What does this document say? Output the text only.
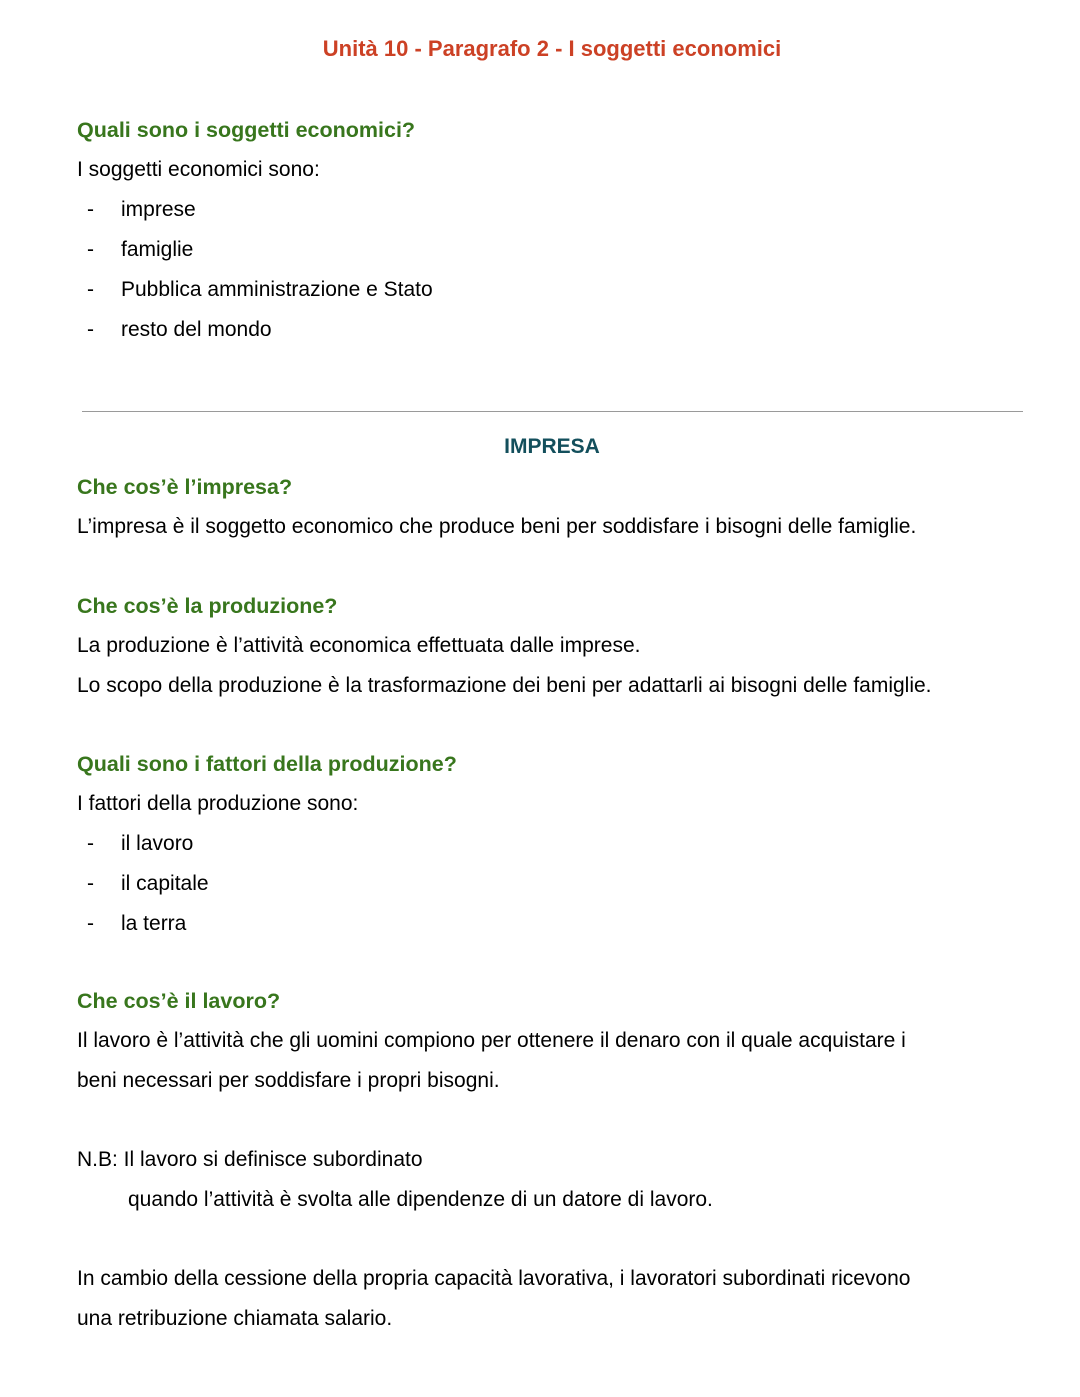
Unità 10 - Paragrafo 2 - I soggetti economici
Quali sono i soggetti economici?

I soggetti economici sono:

- imprese
- famiglie
- Pubblica amministrazione e Stato
- resto del mondo
IMPRESA
Che cos’è l’impresa?

L’impresa è il soggetto economico che produce beni per soddisfare i bisogni delle famiglie.

Che cos’è la produzione?

La produzione è l’attività economica effettuata dalle imprese.

Lo scopo della produzione è la trasformazione dei beni per adattarli ai bisogni delle famiglie.

Quali sono i fattori della produzione?

I fattori della produzione sono:

- il lavoro
- il capitale
- la terra
Che cos’è il lavoro?

Il lavoro è l’attività che gli uomini compiono per ottenere il denaro con il quale acquistare i

beni necessari per soddisfare i propri bisogni.

N.B: Il lavoro si definisce subordinato

quando l’attività è svolta alle dipendenze di un datore di lavoro.

In cambio della cessione della propria capacità lavorativa, i lavoratori subordinati ricevono

una retribuzione chiamata salario.
